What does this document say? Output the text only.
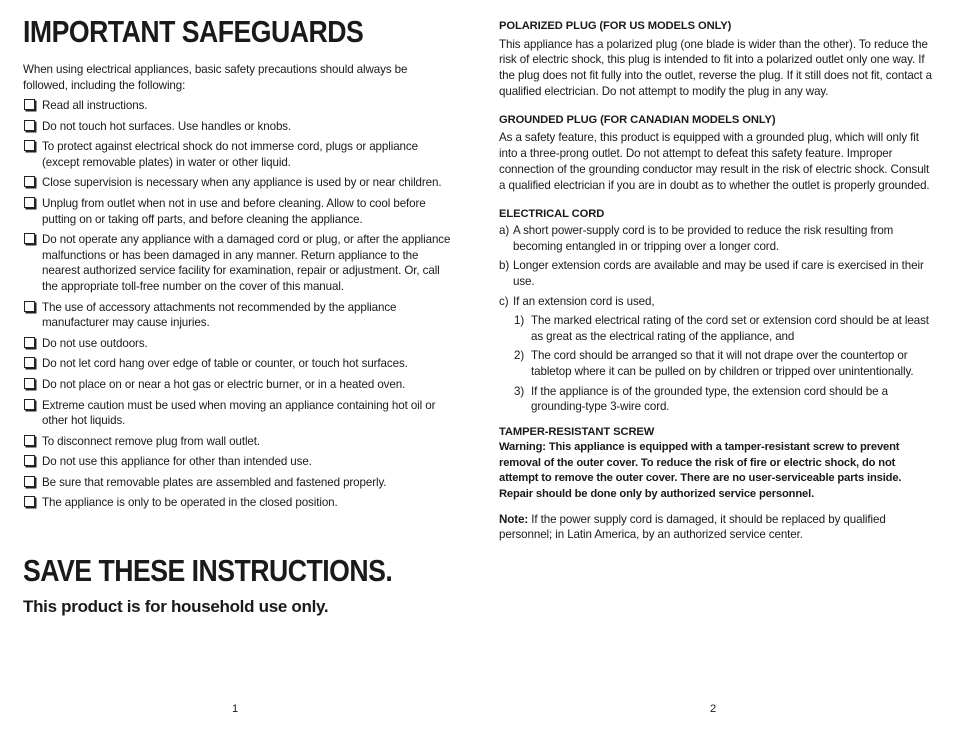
IMPORTANT SAFEGUARDS

When using electrical appliances, basic safety precautions should always be followed, including the following:

Read all instructions.
Do not touch hot surfaces. Use handles or knobs.
To protect against electrical shock do not immerse cord, plugs or appliance (except removable plates) in water or other liquid.
Close supervision is necessary when any appliance is used by or near children.
Unplug from outlet when not in use and before cleaning. Allow to cool before putting on or taking off parts, and before cleaning the appliance.
Do not operate any appliance with a damaged cord or plug, or after the appliance malfunctions or has been damaged in any manner. Return appliance to the nearest authorized service facility for examination, repair or adjustment. Or, call the appropriate toll-free number on the cover of this manual.
The use of accessory attachments not recommended by the appliance manufacturer may cause injuries.
Do not use outdoors.
Do not let cord hang over edge of table or counter, or touch hot surfaces.
Do not place on or near a hot gas or electric burner, or in a heated oven.
Extreme caution must be used when moving an appliance containing hot oil or other hot liquids.
To disconnect remove plug from wall outlet.
Do not use this appliance for other than intended use.
Be sure that removable plates are assembled and fastened properly.
The appliance is only to be operated in the closed position.
SAVE THESE INSTRUCTIONS.

This product is for household use only.

1
POLARIZED PLUG (FOR US MODELS ONLY)

This appliance has a polarized plug (one blade is wider than the other). To reduce the risk of electric shock, this plug is intended to fit into a polarized outlet only one way. If the plug does not fit fully into the outlet, reverse the plug. If it still does not fit, contact a qualified electrician. Do not attempt to modify the plug in any way.

GROUNDED PLUG (FOR CANADIAN MODELS ONLY)

As a safety feature, this product is equipped with a grounded plug, which will only fit into a three-prong outlet. Do not attempt to defeat this safety feature. Improper connection of the grounding conductor may result in the risk of electric shock. Consult a qualified electrician if you are in doubt as to whether the outlet is properly grounded.

ELECTRICAL CORD
a) A short power-supply cord is to be provided to reduce the risk resulting from becoming entangled in or tripping over a longer cord.
b) Longer extension cords are available and may be used if care is exercised in their use.
c) If an extension cord is used,
1) The marked electrical rating of the cord set or extension cord should be at least as great as the electrical rating of the appliance, and
2) The cord should be arranged so that it will not drape over the countertop or tabletop where it can be pulled on by children or tripped over unintentionally.
3) If the appliance is of the grounded type, the extension cord should be a grounding-type 3-wire cord.
TAMPER-RESISTANT SCREW

Warning: This appliance is equipped with a tamper-resistant screw to prevent removal of the outer cover. To reduce the risk of fire or electric shock, do not attempt to remove the outer cover. There are no user-serviceable parts inside. Repair should be done only by authorized service personnel.

Note: If the power supply cord is damaged, it should be replaced by qualified personnel; in Latin America, by an authorized service center.

2
